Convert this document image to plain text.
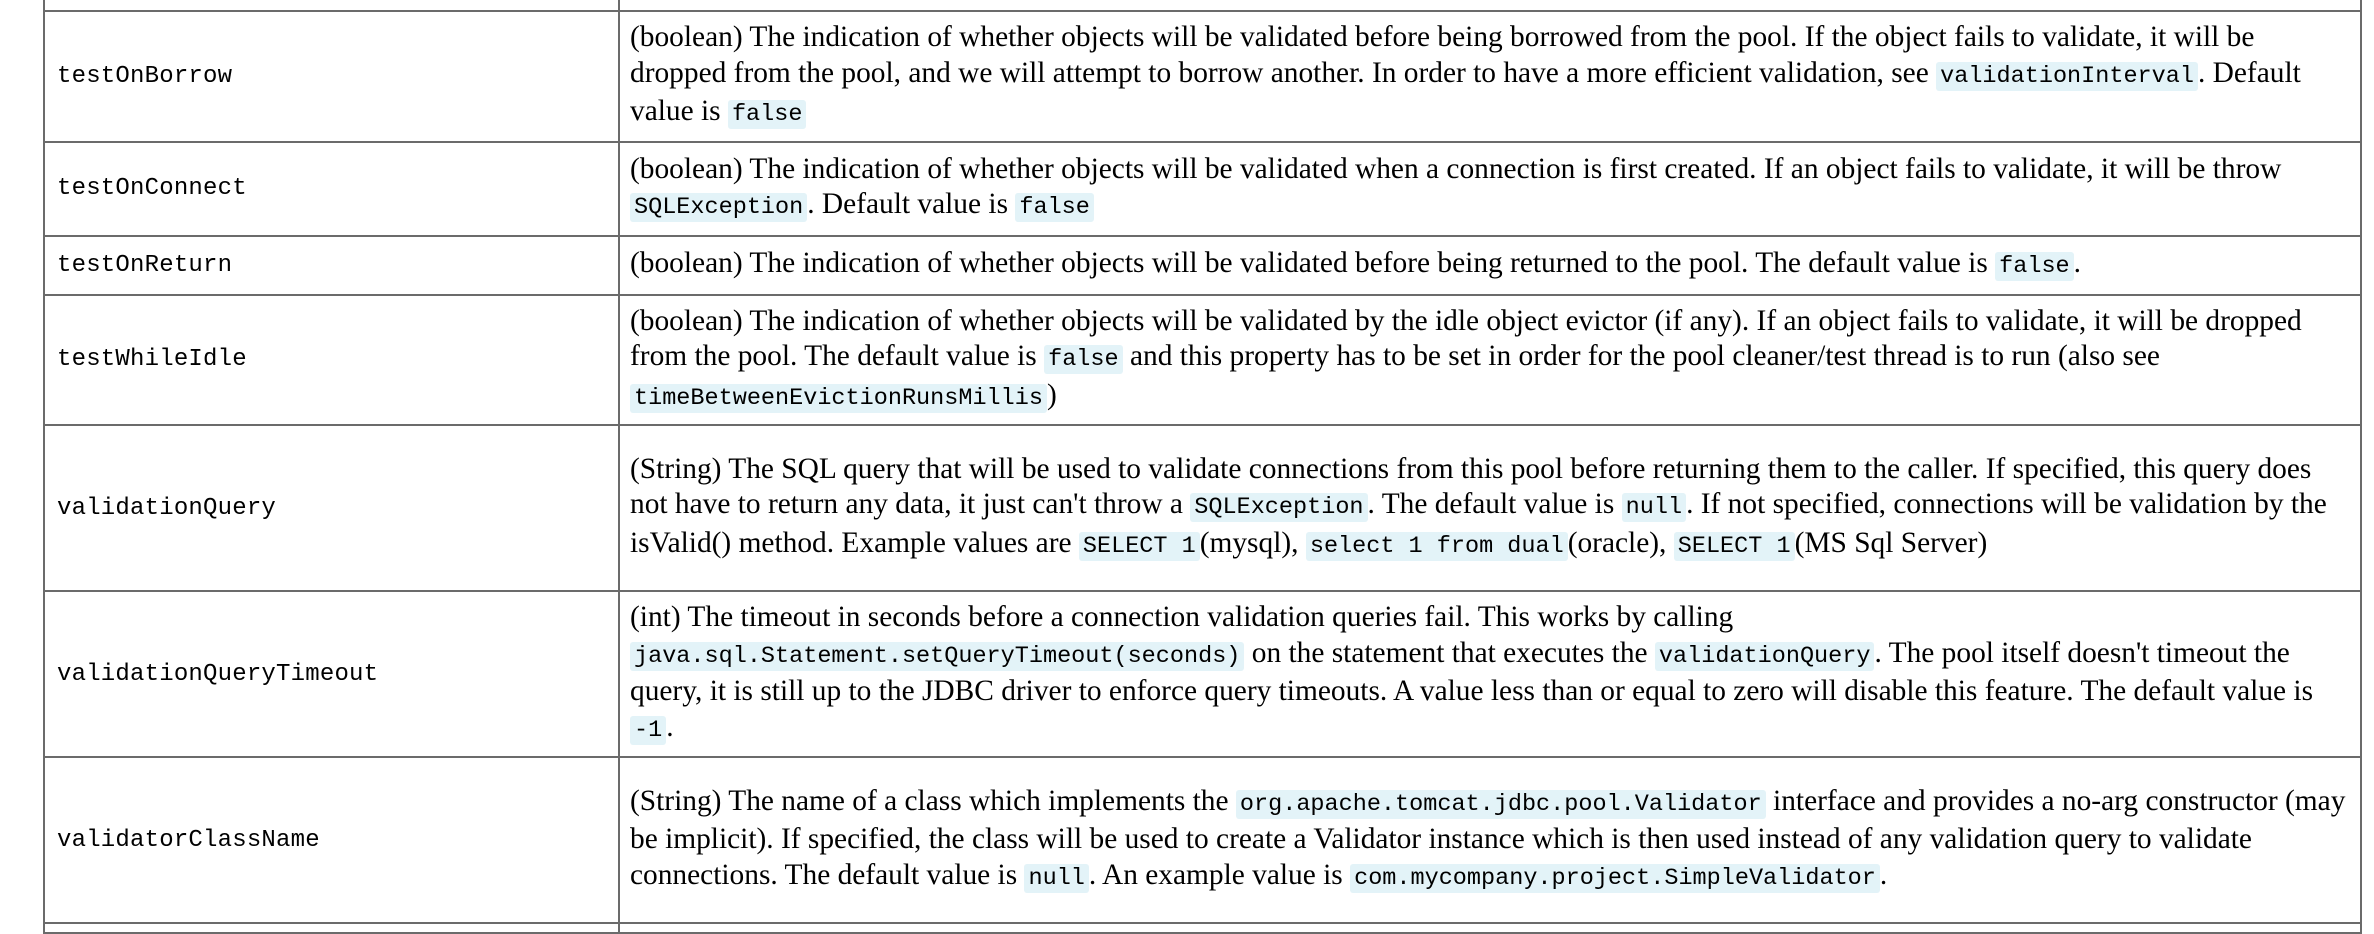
testOnBorrow	(boolean) The indication of whether objects will be validated before being borrowed from the pool. If the object fails to validate, it will be dropped from the pool, and we will attempt to borrow another. In order to have a more efficient validation, see validationInterval . Default value is false
testOnConnect	(boolean) The indication of whether objects will be validated when a connection is first created. If an object fails to validate, it will be throw SQLException . Default value is false
testOnReturn	(boolean) The indication of whether objects will be validated before being returned to the pool. The default value is false .
testWhileIdle	(boolean) The indication of whether objects will be validated by the idle object evictor (if any). If an object fails to validate, it will be dropped from the pool. The default value is false and this property has to be set in order for the pool cleaner/test thread is to run (also see timeBetweenEvictionRunsMillis )
validationQuery	(String) The SQL query that will be used to validate connections from this pool before returning them to the caller. If specified, this query does not have to return any data, it just can't throw a SQLException . The default value is null . If not specified, connections will be validation by the isValid() method. Example values are SELECT 1 (mysql), select 1 from dual (oracle), SELECT 1 (MS Sql Server)
validationQueryTimeout	(int) The timeout in seconds before a connection validation queries fail. This works by calling java.sql.Statement.setQueryTimeout(seconds) on the statement that executes the validationQuery . The pool itself doesn't timeout the query, it is still up to the JDBC driver to enforce query timeouts. A value less than or equal to zero will disable this feature. The default value is -1 .
validatorClassName	(String) The name of a class which implements the org.apache.tomcat.jdbc.pool.Validator interface and provides a no-arg constructor (may be implicit). If specified, the class will be used to create a Validator instance which is then used instead of any validation query to validate connections. The default value is null . An example value is com.mycompany.project.SimpleValidator .
